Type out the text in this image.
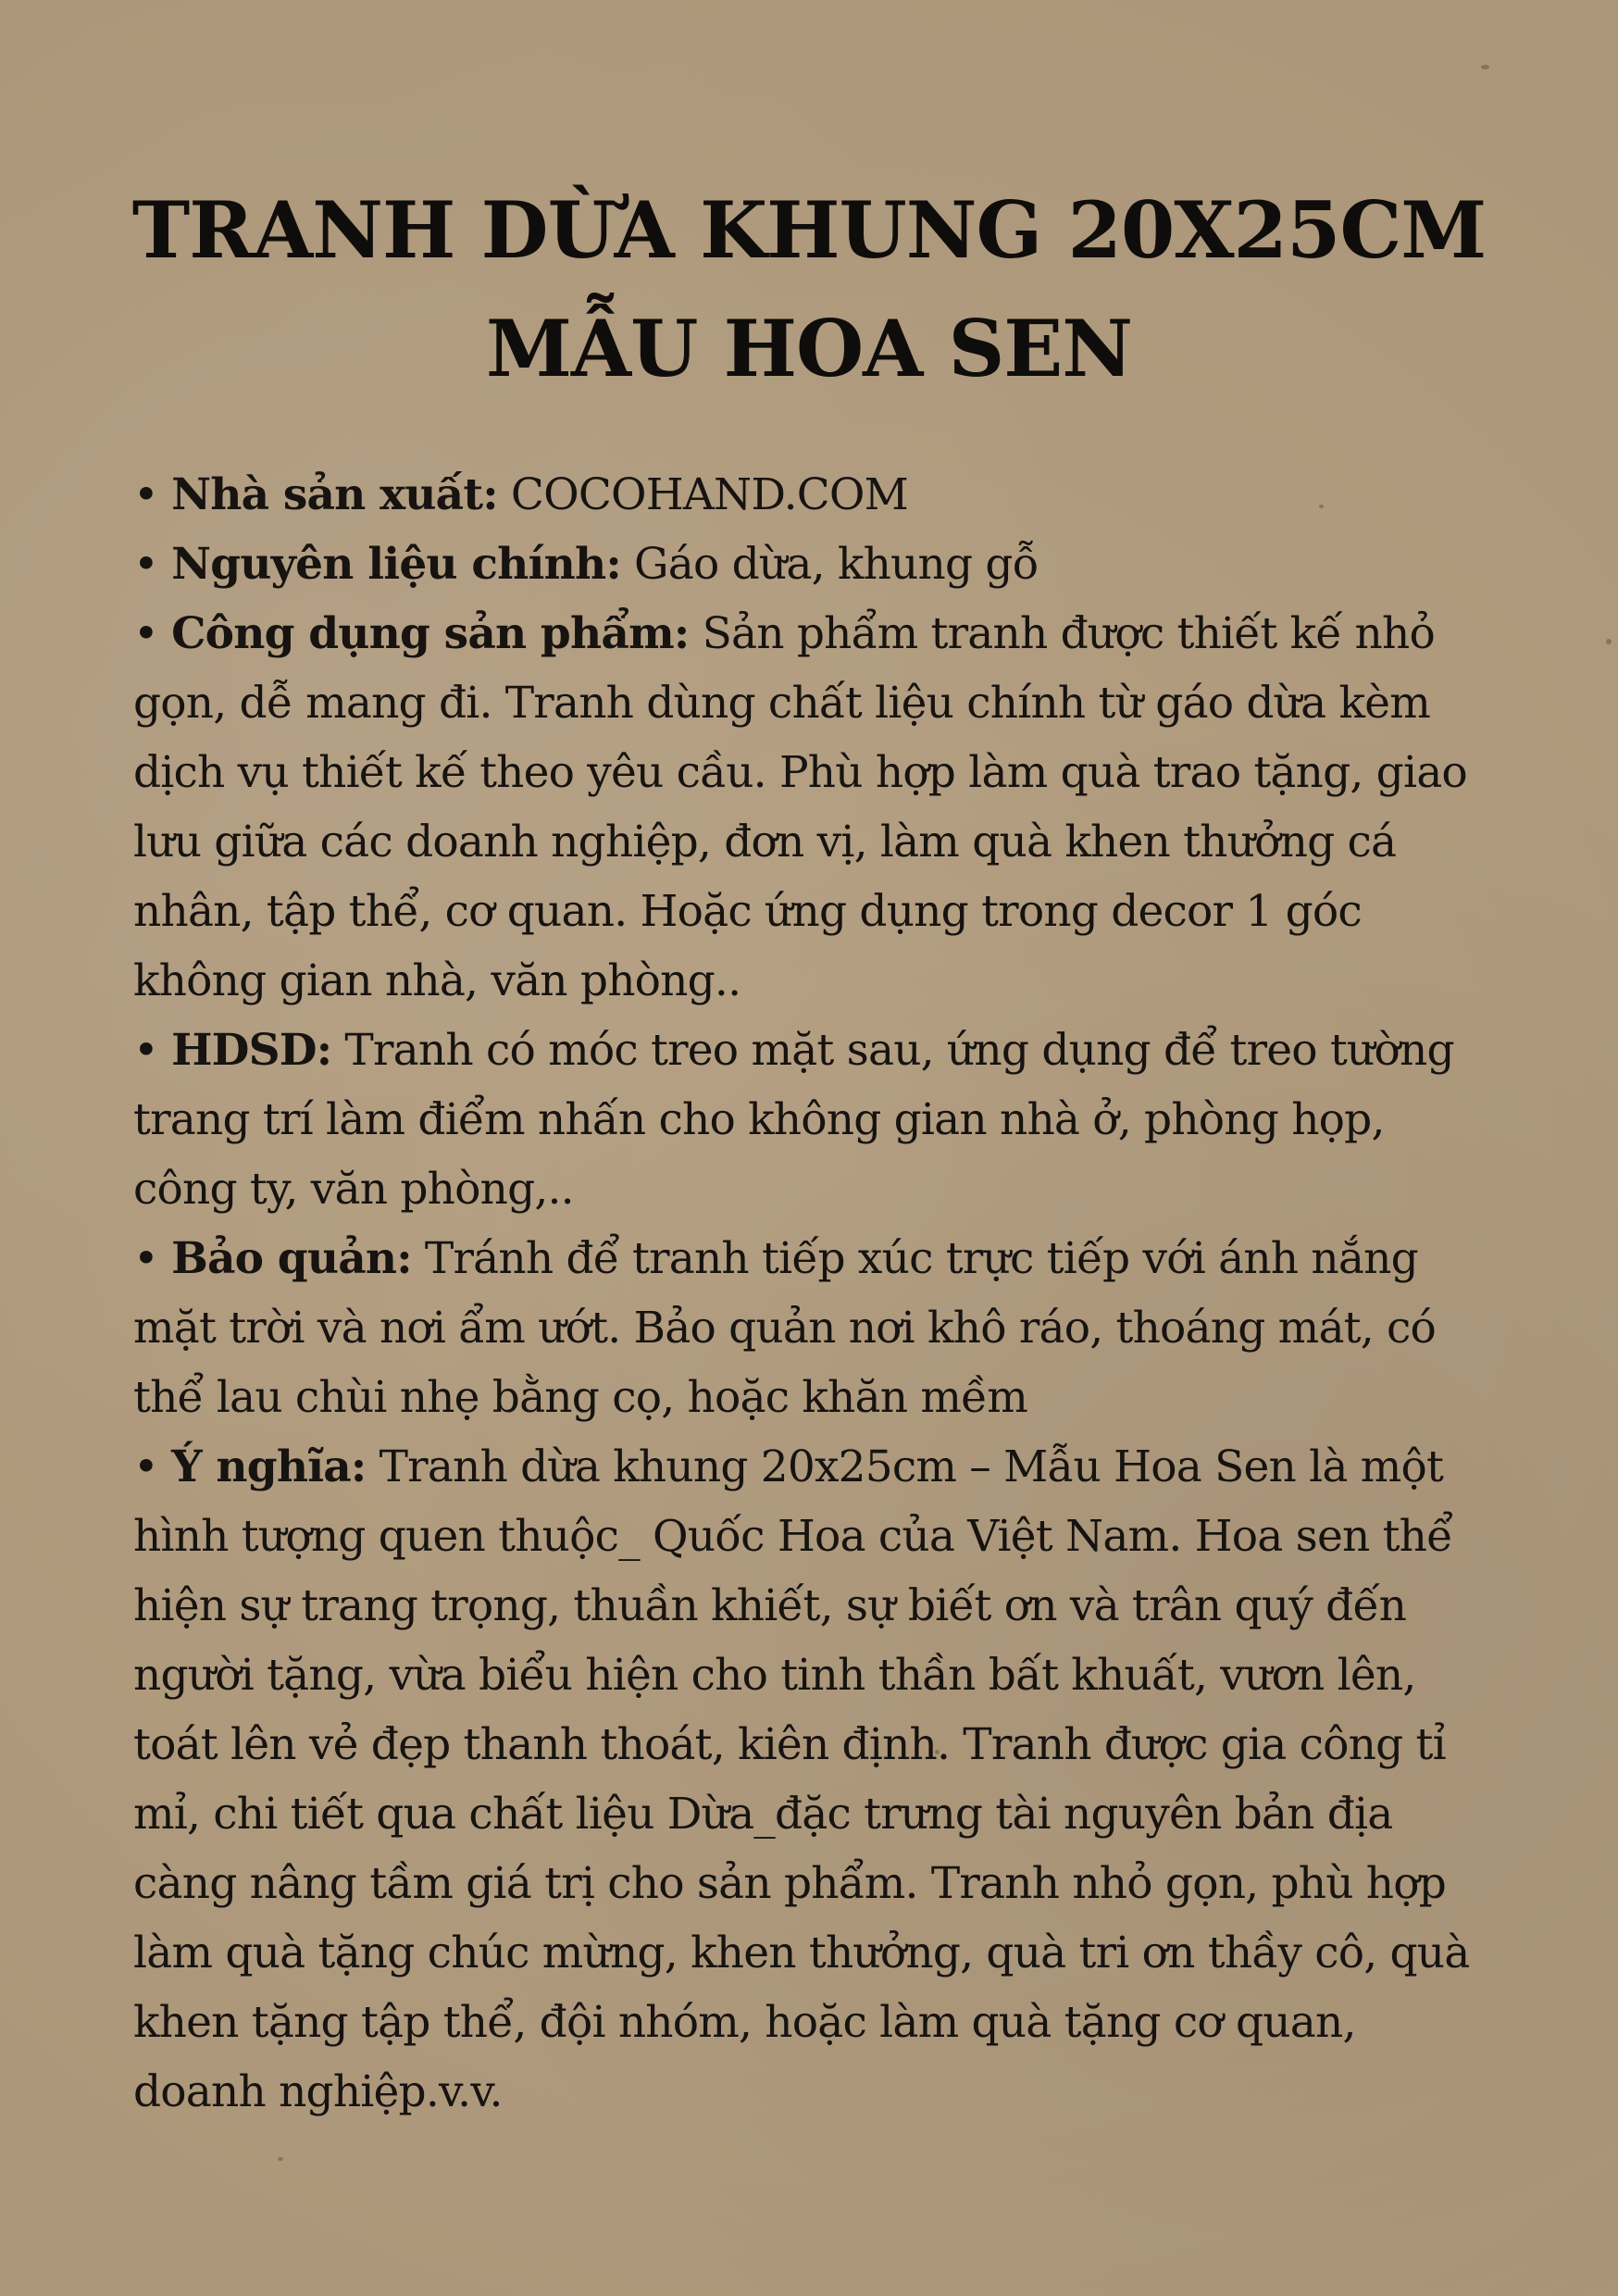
TRANH DỪA KHUNG 20X25CM
MẪU HOA SEN

• Nhà sản xuất: COCOHAND.COM

• Nguyên liệu chính: Gáo dừa, khung gỗ

• Công dụng sản phẩm: Sản phẩm tranh được thiết kế nhỏ gọn, dễ mang đi. Tranh dùng chất liệu chính từ gáo dừa kèm dịch vụ thiết kế theo yêu cầu. Phù hợp làm quà trao tặng, giao lưu giữa các doanh nghiệp, đơn vị, làm quà khen thưởng cá nhân, tập thể, cơ quan. Hoặc ứng dụng trong decor 1 góc không gian nhà, văn phòng..

• HDSD: Tranh có móc treo mặt sau, ứng dụng để treo tường trang trí làm điểm nhấn cho không gian nhà ở, phòng họp, công ty, văn phòng,..

• Bảo quản: Tránh để tranh tiếp xúc trực tiếp với ánh nắng mặt trời và nơi ẩm ướt. Bảo quản nơi khô ráo, thoáng mát, có thể lau chùi nhẹ bằng cọ, hoặc khăn mềm

• Ý nghĩa: Tranh dừa khung 20x25cm – Mẫu Hoa Sen là một hình tượng quen thuộc_ Quốc Hoa của Việt Nam. Hoa sen thể hiện sự trang trọng, thuần khiết, sự biết ơn và trân quý đến người tặng, vừa biểu hiện cho tinh thần bất khuất, vươn lên, toát lên vẻ đẹp thanh thoát, kiên định. Tranh được gia công tỉ mỉ, chi tiết qua chất liệu Dừa_đặc trưng tài nguyên bản địa càng nâng tầm giá trị cho sản phẩm. Tranh nhỏ gọn, phù hợp làm quà tặng chúc mừng, khen thưởng, quà tri ơn thầy cô, quà khen tặng tập thể, đội nhóm, hoặc làm quà tặng cơ quan, doanh nghiệp.v.v.
